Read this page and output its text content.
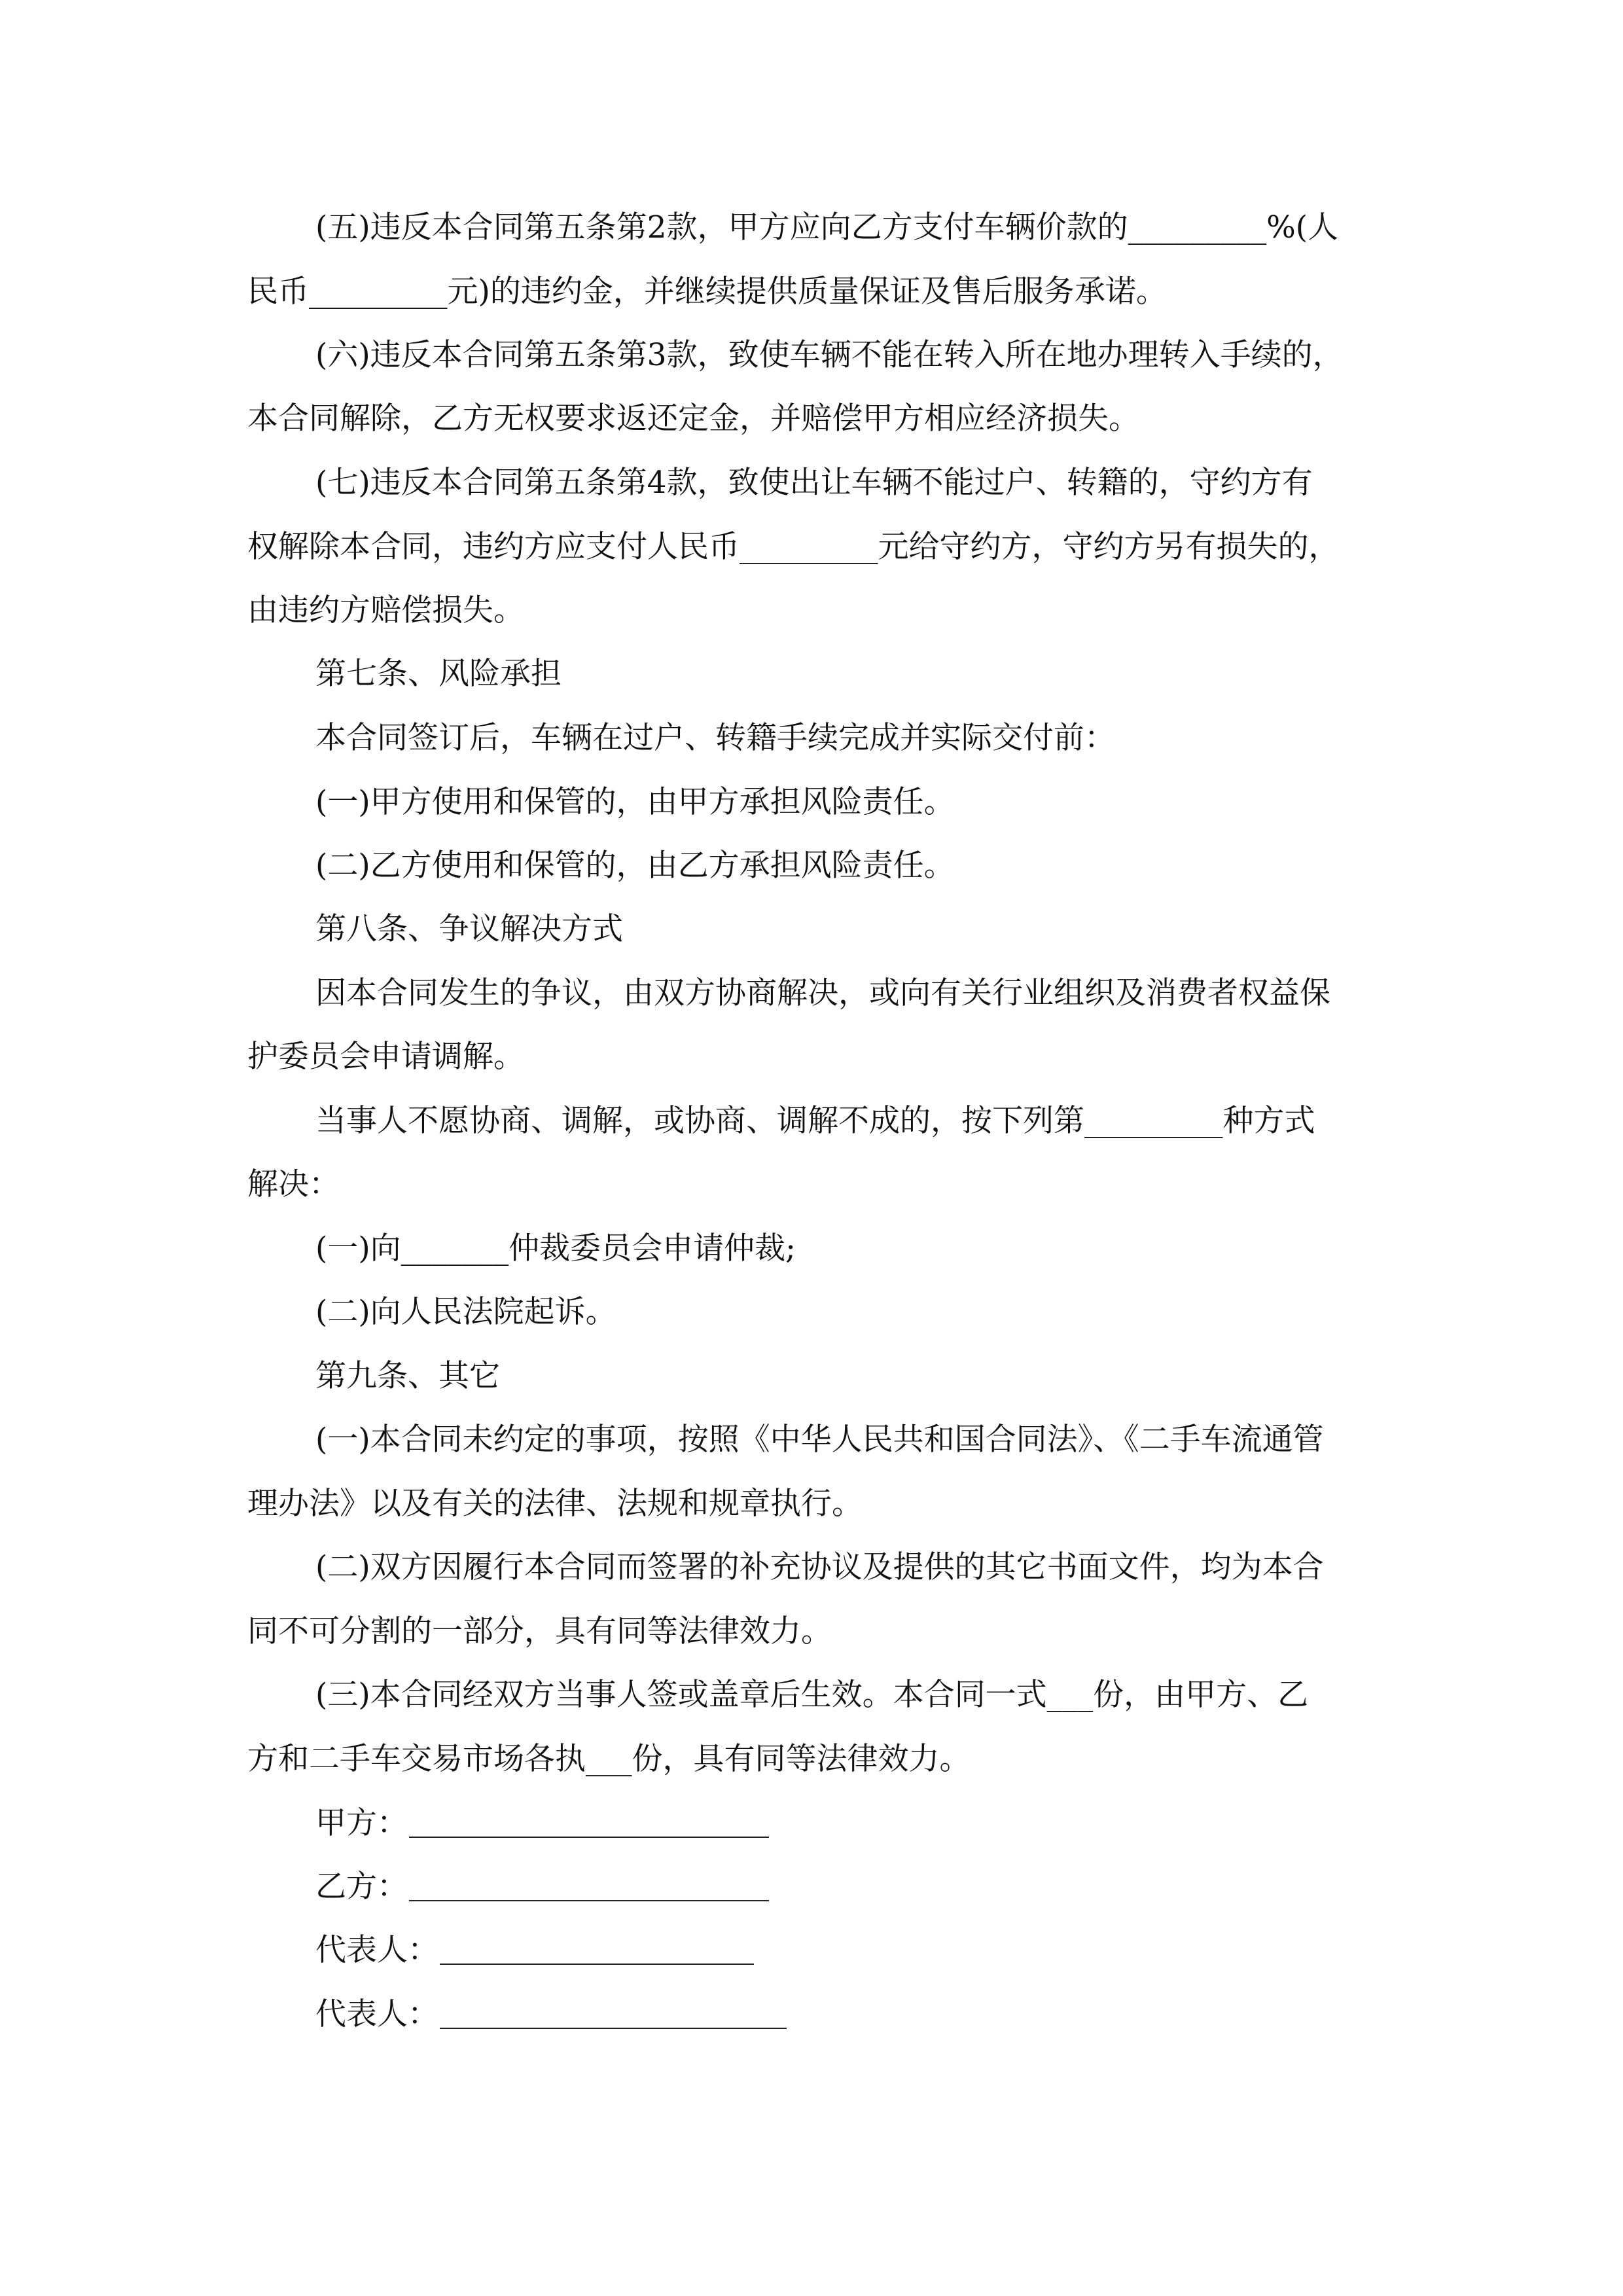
(五)违反本合同第五条第2款，甲方应向乙方支付车辆价款的_________%(人
民币_________元)的违约金，并继续提供质量保证及售后服务承诺。
(六)违反本合同第五条第3款，致使车辆不能在转入所在地办理转入手续的，
本合同解除，乙方无权要求返还定金，并赔偿甲方相应经济损失。
(七)违反本合同第五条第4款，致使出让车辆不能过户、转籍的，守约方有
权解除本合同，违约方应支付人民币_________元给守约方，守约方另有损失的，
由违约方赔偿损失。
第七条、风险承担
本合同签订后，车辆在过户、转籍手续完成并实际交付前：
(一)甲方使用和保管的，由甲方承担风险责任。
(二)乙方使用和保管的，由乙方承担风险责任。
第八条、争议解决方式
因本合同发生的争议，由双方协商解决，或向有关行业组织及消费者权益保
护委员会申请调解。
当事人不愿协商、调解，或协商、调解不成的，按下列第_________种方式
解决：
(一)向_______仲裁委员会申请仲裁;
(二)向人民法院起诉。
第九条、其它
(一)本合同未约定的事项，按照《中华人民共和国合同法》、《二手车流通管
理办法》以及有关的法律、法规和规章执行。
(二)双方因履行本合同而签署的补充协议及提供的其它书面文件，均为本合
同不可分割的一部分，具有同等法律效力。
(三)本合同经双方当事人签或盖章后生效。本合同一式___份，由甲方、乙
方和二手车交易市场各执___份，具有同等法律效力。
甲方：
乙方：
代表人：
代表人：
